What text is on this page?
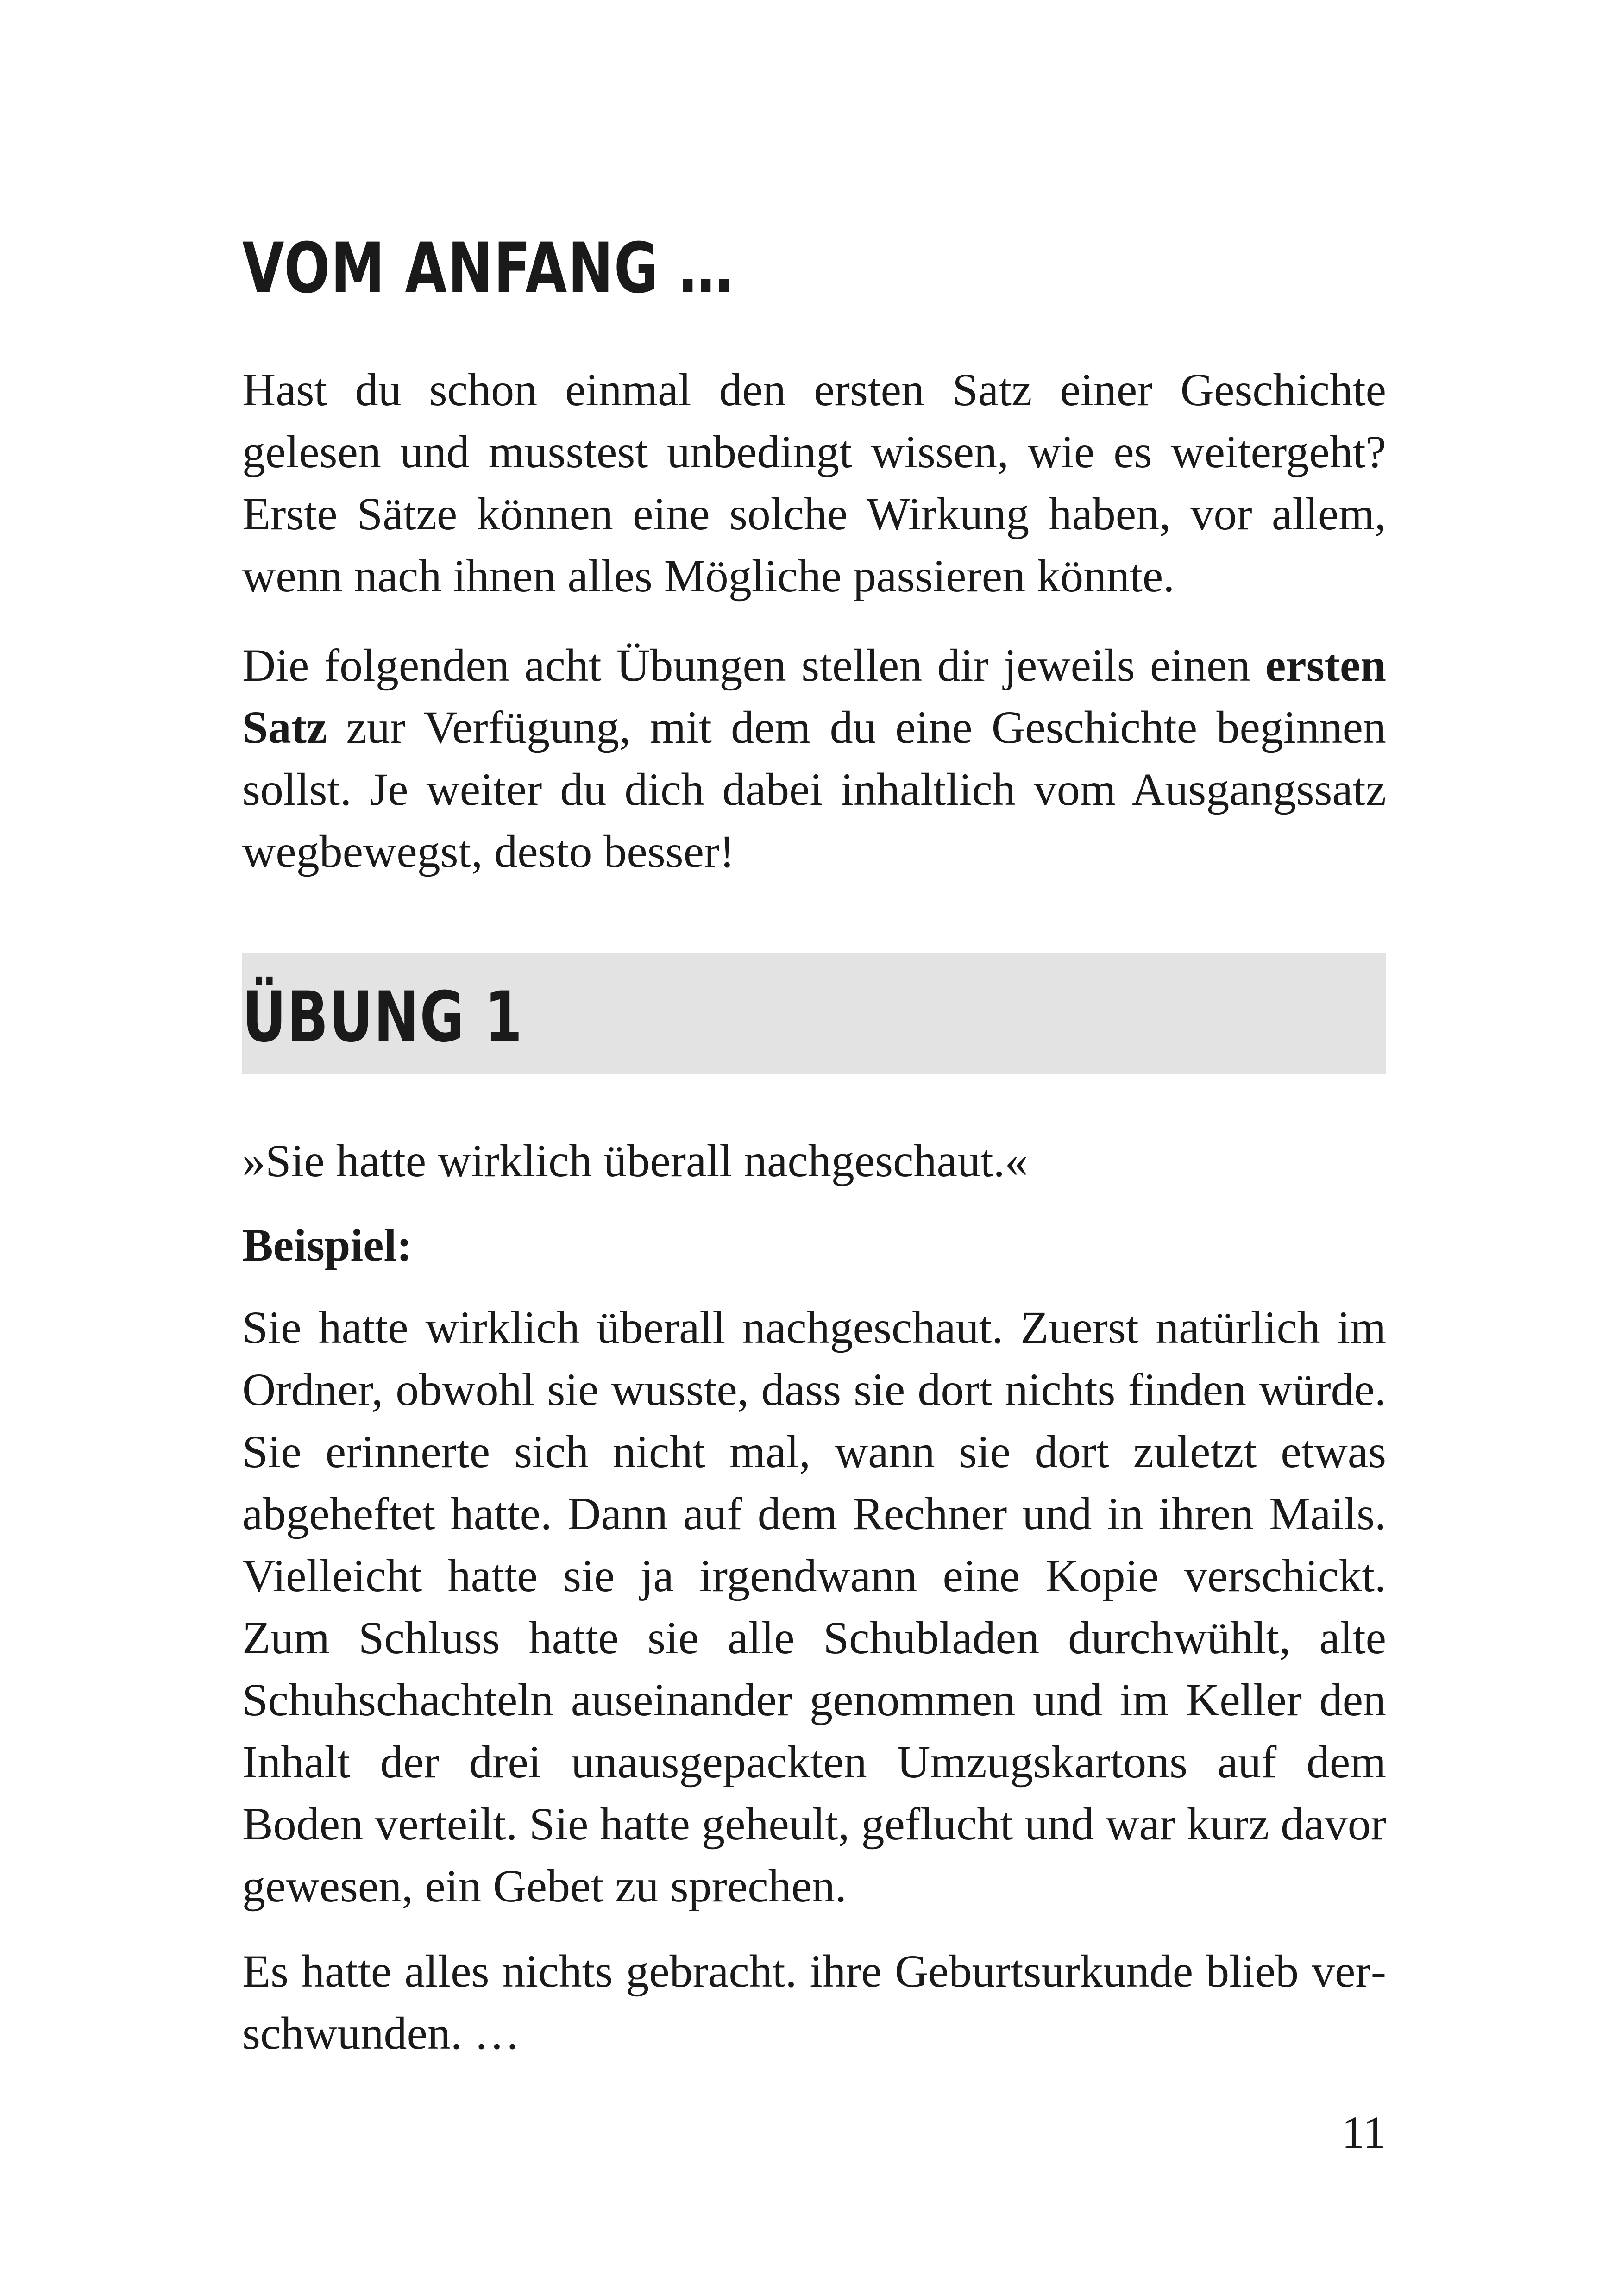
VOM ANFANG …

Hast du schon einmal den ersten Satz einer Geschichte gelesen und musstest unbedingt wissen, wie es weitergeht? Erste Sätze können eine solche Wirkung haben, vor allem, wenn nach ihnen alles Mögliche passieren könnte.

Die folgenden acht Übungen stellen dir jeweils einen ersten Satz zur Verfügung, mit dem du eine Geschichte beginnen sollst. Je weiter du dich dabei inhaltlich vom Ausgangssatz wegbewegst, desto besser!

ÜBUNG 1

»Sie hatte wirklich überall nachgeschaut.«

Beispiel:

Sie hatte wirklich überall nachgeschaut. Zuerst natürlich im Ordner, obwohl sie wusste, dass sie dort nichts finden würde. Sie erinnerte sich nicht mal, wann sie dort zuletzt etwas abgeheftet hatte. Dann auf dem Rechner und in ihren Mails. Vielleicht hatte sie ja irgendwann eine Kopie verschickt. Zum Schluss hatte sie alle Schubladen durchwühlt, alte Schuhschachteln auseinander genommen und im Keller den Inhalt der drei unausgepackten Umzugskartons auf dem Boden verteilt. Sie hatte geheult, geflucht und war kurz davor gewesen, ein Gebet zu sprechen.

Es hatte alles nichts gebracht. ihre Geburtsurkunde blieb verschwunden. …

11
